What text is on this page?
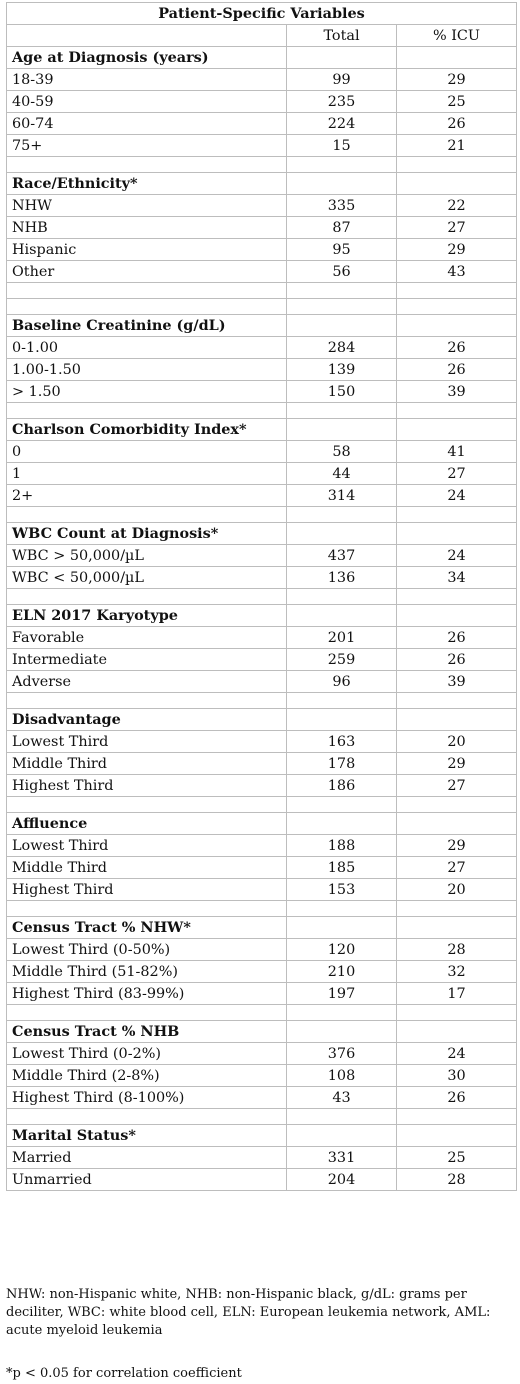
Patient-Specific Variables		
	Total	% ICU
Age at Diagnosis (years)		
18-39	99	29
40-59	235	25
60-74	224	26
75+	15	21

Race/Ethnicity*		
NHW	335	22
NHB	87	27
Hispanic	95	29
Other	56	43

Baseline Creatinine (g/dL)		
0-1.00	284	26
1.00-1.50	139	26
> 1.50	150	39

Charlson Comorbidity Index*		
0	58	41
1	44	27
2+	314	24

WBC Count at Diagnosis*		
WBC > 50,000/µL	437	24
WBC < 50,000/µL	136	34

ELN 2017 Karyotype		
Favorable	201	26
Intermediate	259	26
Adverse	96	39

Disadvantage		
Lowest Third	163	20
Middle Third	178	29
Highest Third	186	27

Affluence		
Lowest Third	188	29
Middle Third	185	27
Highest Third	153	20

Census Tract % NHW*		
Lowest Third (0-50%)	120	28
Middle Third (51-82%)	210	32
Highest Third (83-99%)	197	17

Census Tract % NHB		
Lowest Third (0-2%)	376	24
Middle Third (2-8%)	108	30
Highest Third (8-100%)	43	26

Marital Status*		
Married	331	25
Unmarried	204	28
NHW: non-Hispanic white, NHB: non-Hispanic black, g/dL: grams per deciliter, WBC: white blood cell, ELN: European leukemia network, AML: acute myeloid leukemia
*p < 0.05 for correlation coefficient
